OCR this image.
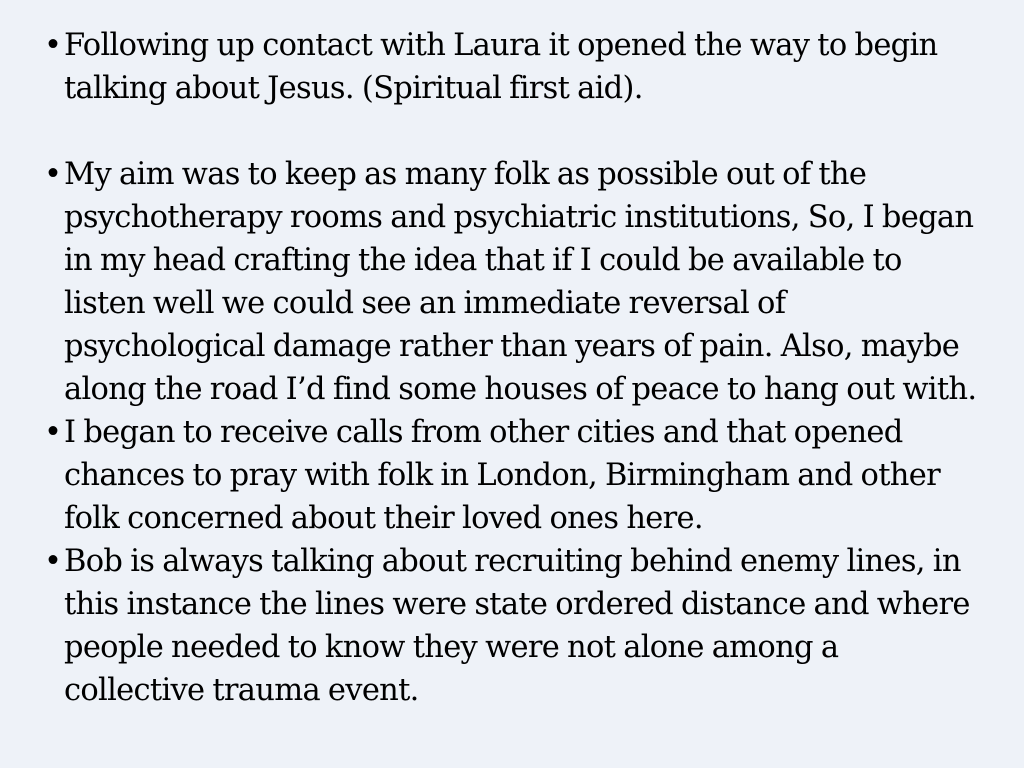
• Following up contact with Laura it opened the way to begin talking about Jesus. (Spiritual first aid).
• My aim was to keep as many folk as possible out of the psychotherapy rooms and psychiatric institutions, So, I began in my head crafting the idea that if I could be available to listen well we could see an immediate reversal of psychological damage rather than years of pain. Also, maybe along the road I’d find some houses of peace to hang out with.
• I began to receive calls from other cities and that opened chances to pray with folk in London, Birmingham and other folk concerned about their loved ones here.
• Bob is always talking about recruiting behind enemy lines, in this instance the lines were state ordered distance and where people needed to know they were not alone among a collective trauma event.
